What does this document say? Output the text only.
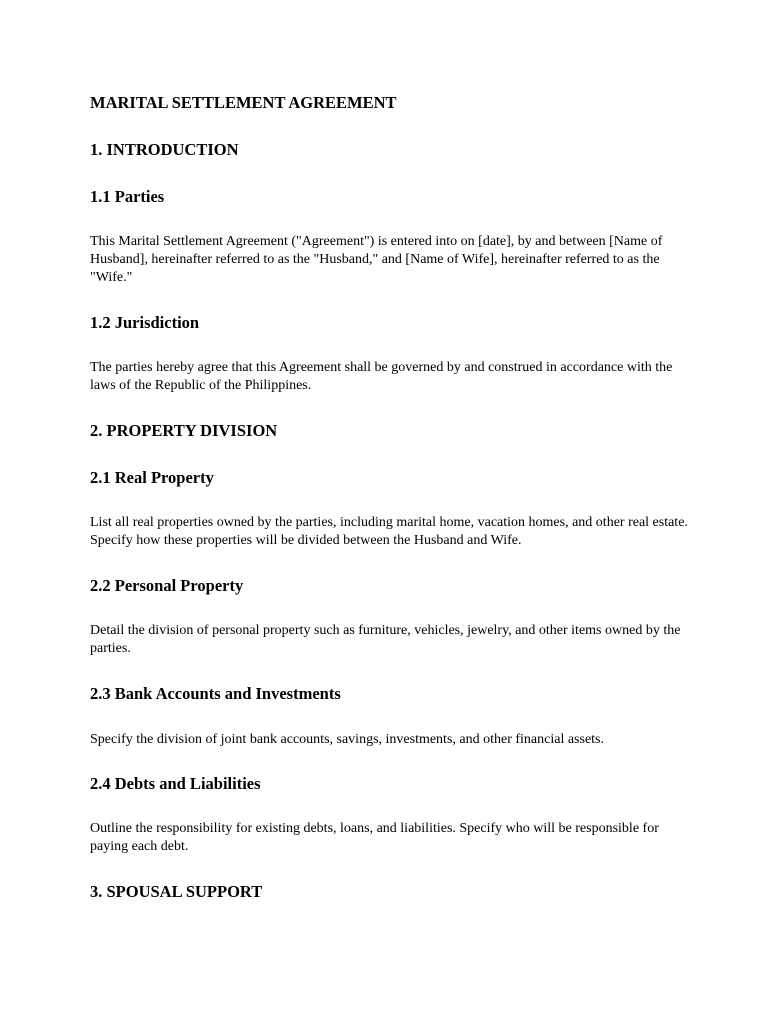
MARITAL SETTLEMENT AGREEMENT
1. INTRODUCTION
1.1 Parties

This Marital Settlement Agreement ("Agreement") is entered into on [date], by and between [Name of Husband], hereinafter referred to as the "Husband," and [Name of Wife], hereinafter referred to as the "Wife."

1.2 Jurisdiction

The parties hereby agree that this Agreement shall be governed by and construed in accordance with the laws of the Republic of the Philippines.

2. PROPERTY DIVISION
2.1 Real Property

List all real properties owned by the parties, including marital home, vacation homes, and other real estate. Specify how these properties will be divided between the Husband and Wife.

2.2 Personal Property

Detail the division of personal property such as furniture, vehicles, jewelry, and other items owned by the parties.

2.3 Bank Accounts and Investments

Specify the division of joint bank accounts, savings, investments, and other financial assets.

2.4 Debts and Liabilities

Outline the responsibility for existing debts, loans, and liabilities. Specify who will be responsible for paying each debt.

3. SPOUSAL SUPPORT
